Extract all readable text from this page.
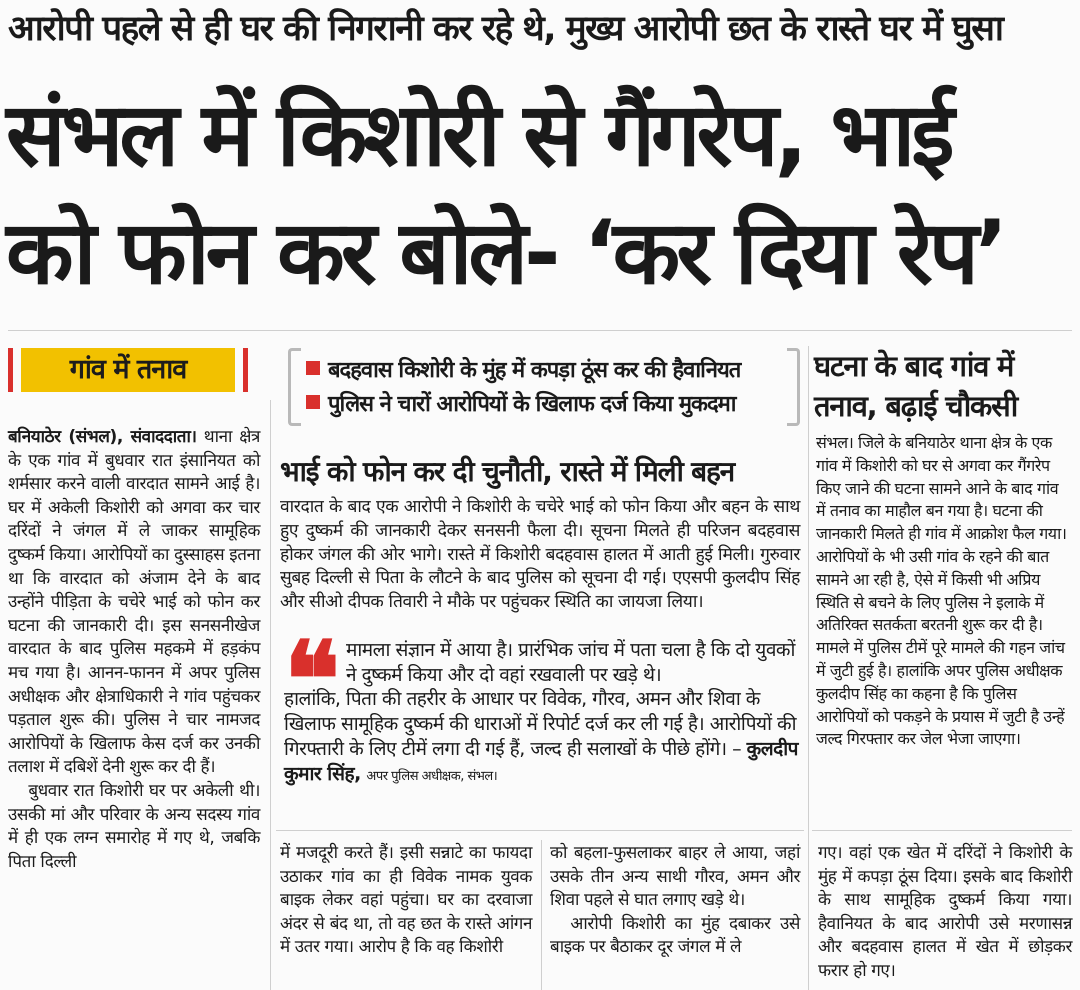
आरोपी पहले से ही घर की निगरानी कर रहे थे, मुख्य आरोपी छत के रास्ते घर में घुसा
संभल में किशोरी से गैंगरेप, भाई
को फोन कर बोले- ‘कर दिया रेप’
गांव में तनाव

बनियाठेर (संभल), संवाददाता। थाना क्षेत्र के एक गांव में बुधवार रात इंसानियत को शर्मसार करने वाली वारदात सामने आई है। घर में अकेली किशोरी को अगवा कर चार दरिंदों ने जंगल में ले जाकर सामूहिक दुष्कर्म किया। आरोपियों का दुस्साहस इतना था कि वारदात को अंजाम देने के बाद उन्होंने पीड़िता के चचेरे भाई को फोन कर घटना की जानकारी दी। इस सनसनीखेज वारदात के बाद पुलिस महकमे में हड़कंप मच गया है। आनन-फानन में अपर पुलिस अधीक्षक और क्षेत्राधिकारी ने गांव पहुंचकर पड़ताल शुरू की। पुलिस ने चार नामजद आरोपियों के खिलाफ केस दर्ज कर उनकी तलाश में दबिशें देनी शुरू कर दी हैं।

बुधवार रात किशोरी घर पर अकेली थी। उसकी मां और परिवार के अन्य सदस्य गांव में ही एक लग्न समारोह में गए थे, जबकि पिता दिल्ली

बदहवास किशोरी के मुंह में कपड़ा ठूंस कर की हैवानियत
पुलिस ने चारों आरोपियों के खिलाफ दर्ज किया मुकदमा
भाई को फोन कर दी चुनौती, रास्ते में मिली बहन
वारदात के बाद एक आरोपी ने किशोरी के चचेरे भाई को फोन किया और बहन के साथ हुए दुष्कर्म की जानकारी देकर सनसनी फैला दी। सूचना मिलते ही परिजन बदहवास होकर जंगल की ओर भागे। रास्ते में किशोरी बदहवास हालत में आती हुई मिली। गुरुवार सुबह दिल्ली से पिता के लौटने के बाद पुलिस को सूचना दी गई। एएसपी कुलदीप सिंह और सीओ दीपक तिवारी ने मौके पर पहुंचकर स्थिति का जायजा लिया।
❝ मामला संज्ञान में आया है। प्रारंभिक जांच में पता चला है कि दो युवकों ने दुष्कर्म किया और दो वहां रखवाली पर खड़े थे।
हालांकि, पिता की तहरीर के आधार पर विवेक, गौरव, अमन और शिवा के खिलाफ सामूहिक दुष्कर्म की धाराओं में रिपोर्ट दर्ज कर ली गई है। आरोपियों की गिरफ्तारी के लिए टीमें लगा दी गई हैं, जल्द ही सलाखों के पीछे होंगे। – कुलदीप कुमार सिंह, अपर पुलिस अधीक्षक, संभल।

घटना के बाद गांव में

तनाव, बढ़ाई चौकसी

संभल। जिले के बनियाठेर थाना क्षेत्र के एक गांव में किशोरी को घर से अगवा कर गैंगरेप किए जाने की घटना सामने आने के बाद गांव में तनाव का माहौल बन गया है। घटना की जानकारी मिलते ही गांव में आक्रोश फैल गया। आरोपियों के भी उसी गांव के रहने की बात सामने आ रही है, ऐसे में किसी भी अप्रिय स्थिति से बचने के लिए पुलिस ने इलाके में अतिरिक्त सतर्कता बरतनी शुरू कर दी है। मामले में पुलिस टीमें पूरे मामले की गहन जांच में जुटी हुई है। हालांकि अपर पुलिस अधीक्षक कुलदीप सिंह का कहना है कि पुलिस आरोपियों को पकड़ने के प्रयास में जुटी है उन्हें जल्द गिरफ्तार कर जेल भेजा जाएगा।
में मजदूरी करते हैं। इसी सन्नाटे का फायदा उठाकर गांव का ही विवेक नामक युवक बाइक लेकर वहां पहुंचा। घर का दरवाजा अंदर से बंद था, तो वह छत के रास्ते आंगन में उतर गया। आरोप है कि वह किशोरी

को बहला-फुसलाकर बाहर ले आया, जहां उसके तीन अन्य साथी गौरव, अमन और शिवा पहले से घात लगाए खड़े थे।

आरोपी किशोरी का मुंह दबाकर उसे बाइक पर बैठाकर दूर जंगल में ले

गए। वहां एक खेत में दरिंदों ने किशोरी के मुंह में कपड़ा ठूंस दिया। इसके बाद किशोरी के साथ सामूहिक दुष्कर्म किया गया। हैवानियत के बाद आरोपी उसे मरणासन्न और बदहवास हालत में खेत में छोड़कर फरार हो गए।
